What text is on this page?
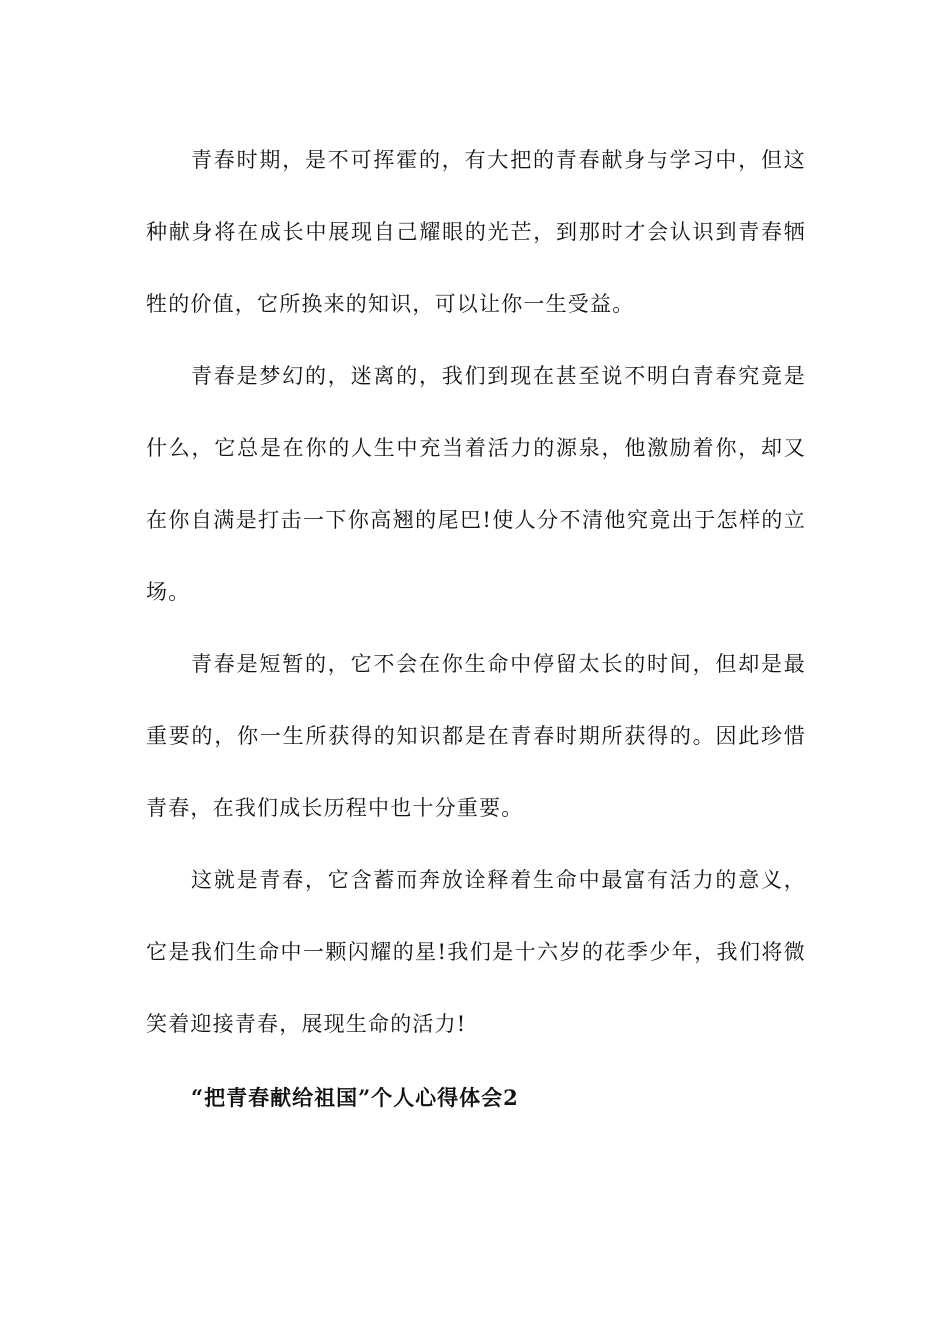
青春时期，是不可挥霍的，有大把的青春献身与学习中，但这种献身将在成长中展现自己耀眼的光芒，到那时才会认识到青春牺牲的价值，它所换来的知识，可以让你一生受益。

青春是梦幻的，迷离的，我们到现在甚至说不明白青春究竟是什么，它总是在你的人生中充当着活力的源泉，他激励着你，却又在你自满是打击一下你高翘的尾巴!使人分不清他究竟出于怎样的立场。

青春是短暂的，它不会在你生命中停留太长的时间，但却是最重要的，你一生所获得的知识都是在青春时期所获得的。因此珍惜青春，在我们成长历程中也十分重要。

这就是青春，它含蓄而奔放诠释着生命中最富有活力的意义，它是我们生命中一颗闪耀的星!我们是十六岁的花季少年，我们将微笑着迎接青春，展现生命的活力!

“把青春献给祖国”个人心得体会2
